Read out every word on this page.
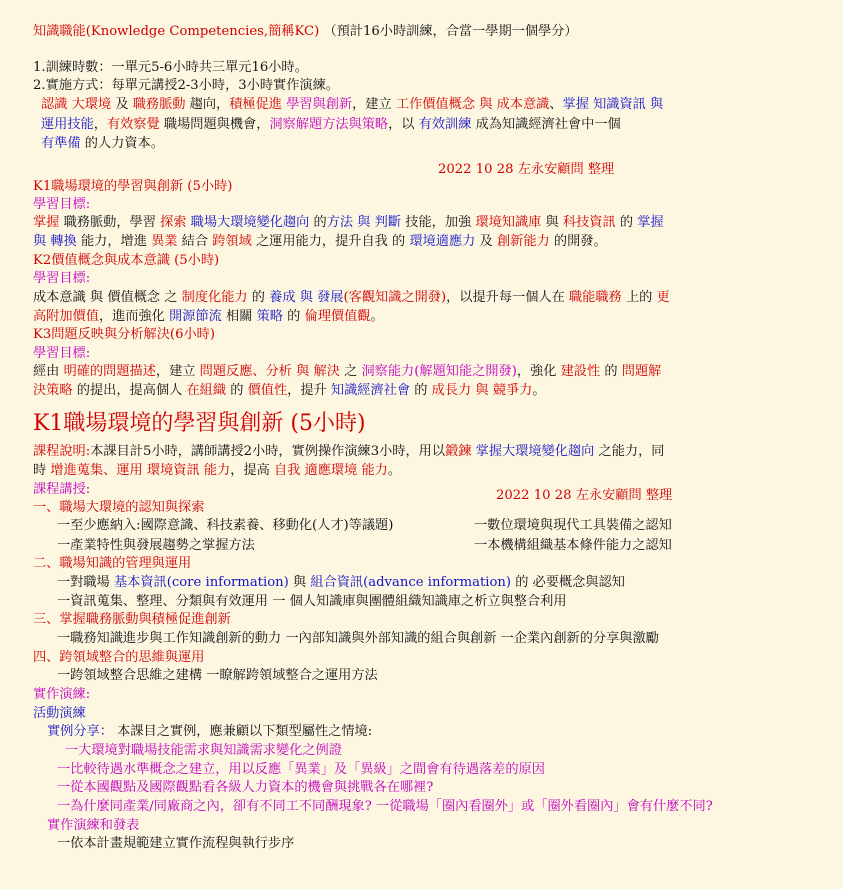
知識職能(Knowledge Competencies,簡稱KC) （預計16小時訓練，合當一學期一個學分）
1.訓練時數：一單元5-6小時共三單元16小時。
2.實施方式：每單元講授2-3小時，3小時實作演練。
認識 大環境 及 職務脈動 趨向，積極促進 學習與創新，建立 工作價值概念 與 成本意識、掌握 知識資訊 與
運用技能，有效察覺 職場問題與機會，洞察解題方法與策略，以 有效訓練 成為知識經濟社會中一個
有準備 的人力資本。
2022 10 28 左永安顧問 整理
K1職場環境的學習與創新 (5小時)
學習目標:
掌握 職務脈動，學習 探索 職場大環境變化趨向 的方法 與 判斷 技能，加強 環境知識庫 與 科技資訊 的 掌握
與 轉換 能力，增進 異業 結合 跨領域 之運用能力，提升自我 的 環境適應力 及 創新能力 的開發。
K2價值概念與成本意識 (5小時)
學習目標:
成本意識 與 價值概念 之 制度化能力 的 養成 與 發展(客觀知識之開發)，以提升每一個人在 職能職務 上的 更
高附加價值，進而強化 開源節流 相關 策略 的 倫理價值觀。
K3問題反映與分析解決(6小時)
學習目標:
經由 明確的問題描述，建立 問題反應、分析 與 解決 之 洞察能力(解題知能之開發)，強化 建設性 的 問題解
決策略 的提出，提高個人 在組織 的 價值性，提升 知識經濟社會 的 成長力 與 競爭力。
K1職場環境的學習與創新 (5小時)
課程說明:本課目計5小時，講師講授2小時，實例操作演練3小時，用以鍛鍊 掌握大環境變化趨向 之能力，同
時 增進蒐集、運用 環境資訊 能力，提高 自我 適應環境 能力。
課程講授:	2022 10 28 左永安顧問 整理
一、職場大環境的認知與探索
一至少應納入:國際意識、科技素養、移動化(人才)等議題)	一數位環境與現代工具裝備之認知
一產業特性與發展趨勢之掌握方法	一本機構組織基本條件能力之認知
二、職場知識的管理與運用
一對職場 基本資訊(core information) 與 組合資訊(advance information) 的 必要概念與認知
一資訊蒐集、整理、分類與有效運用 一 個人知識庫與團體組織知識庫之析立與整合利用
三、掌握職務脈動與積極促進創新
一職務知識進步與工作知識創新的動力 一內部知識與外部知識的組合與創新 一企業內創新的分享與激勵
四、跨領域整合的思維與運用
一跨領域整合思維之建構 一瞭解跨領域整合之運用方法
實作演練:
活動演練
實例分享： 本課目之實例，應兼顧以下類型屬性之情境:
一大環境對職場技能需求與知識需求變化之例證
一比較待遇水準概念之建立，用以反應「異業」及「異級」之間會有待遇落差的原因
一從本國觀點及國際觀點看各級人力資本的機會與挑戰各在哪裡?
一為什麼同產業/同廠商之內，卻有不同工不同酬現象? 一從職場「圈內看圈外」或「圈外看圈內」會有什麼不同?
實作演練和發表
一依本計畫規範建立實作流程與執行步序
